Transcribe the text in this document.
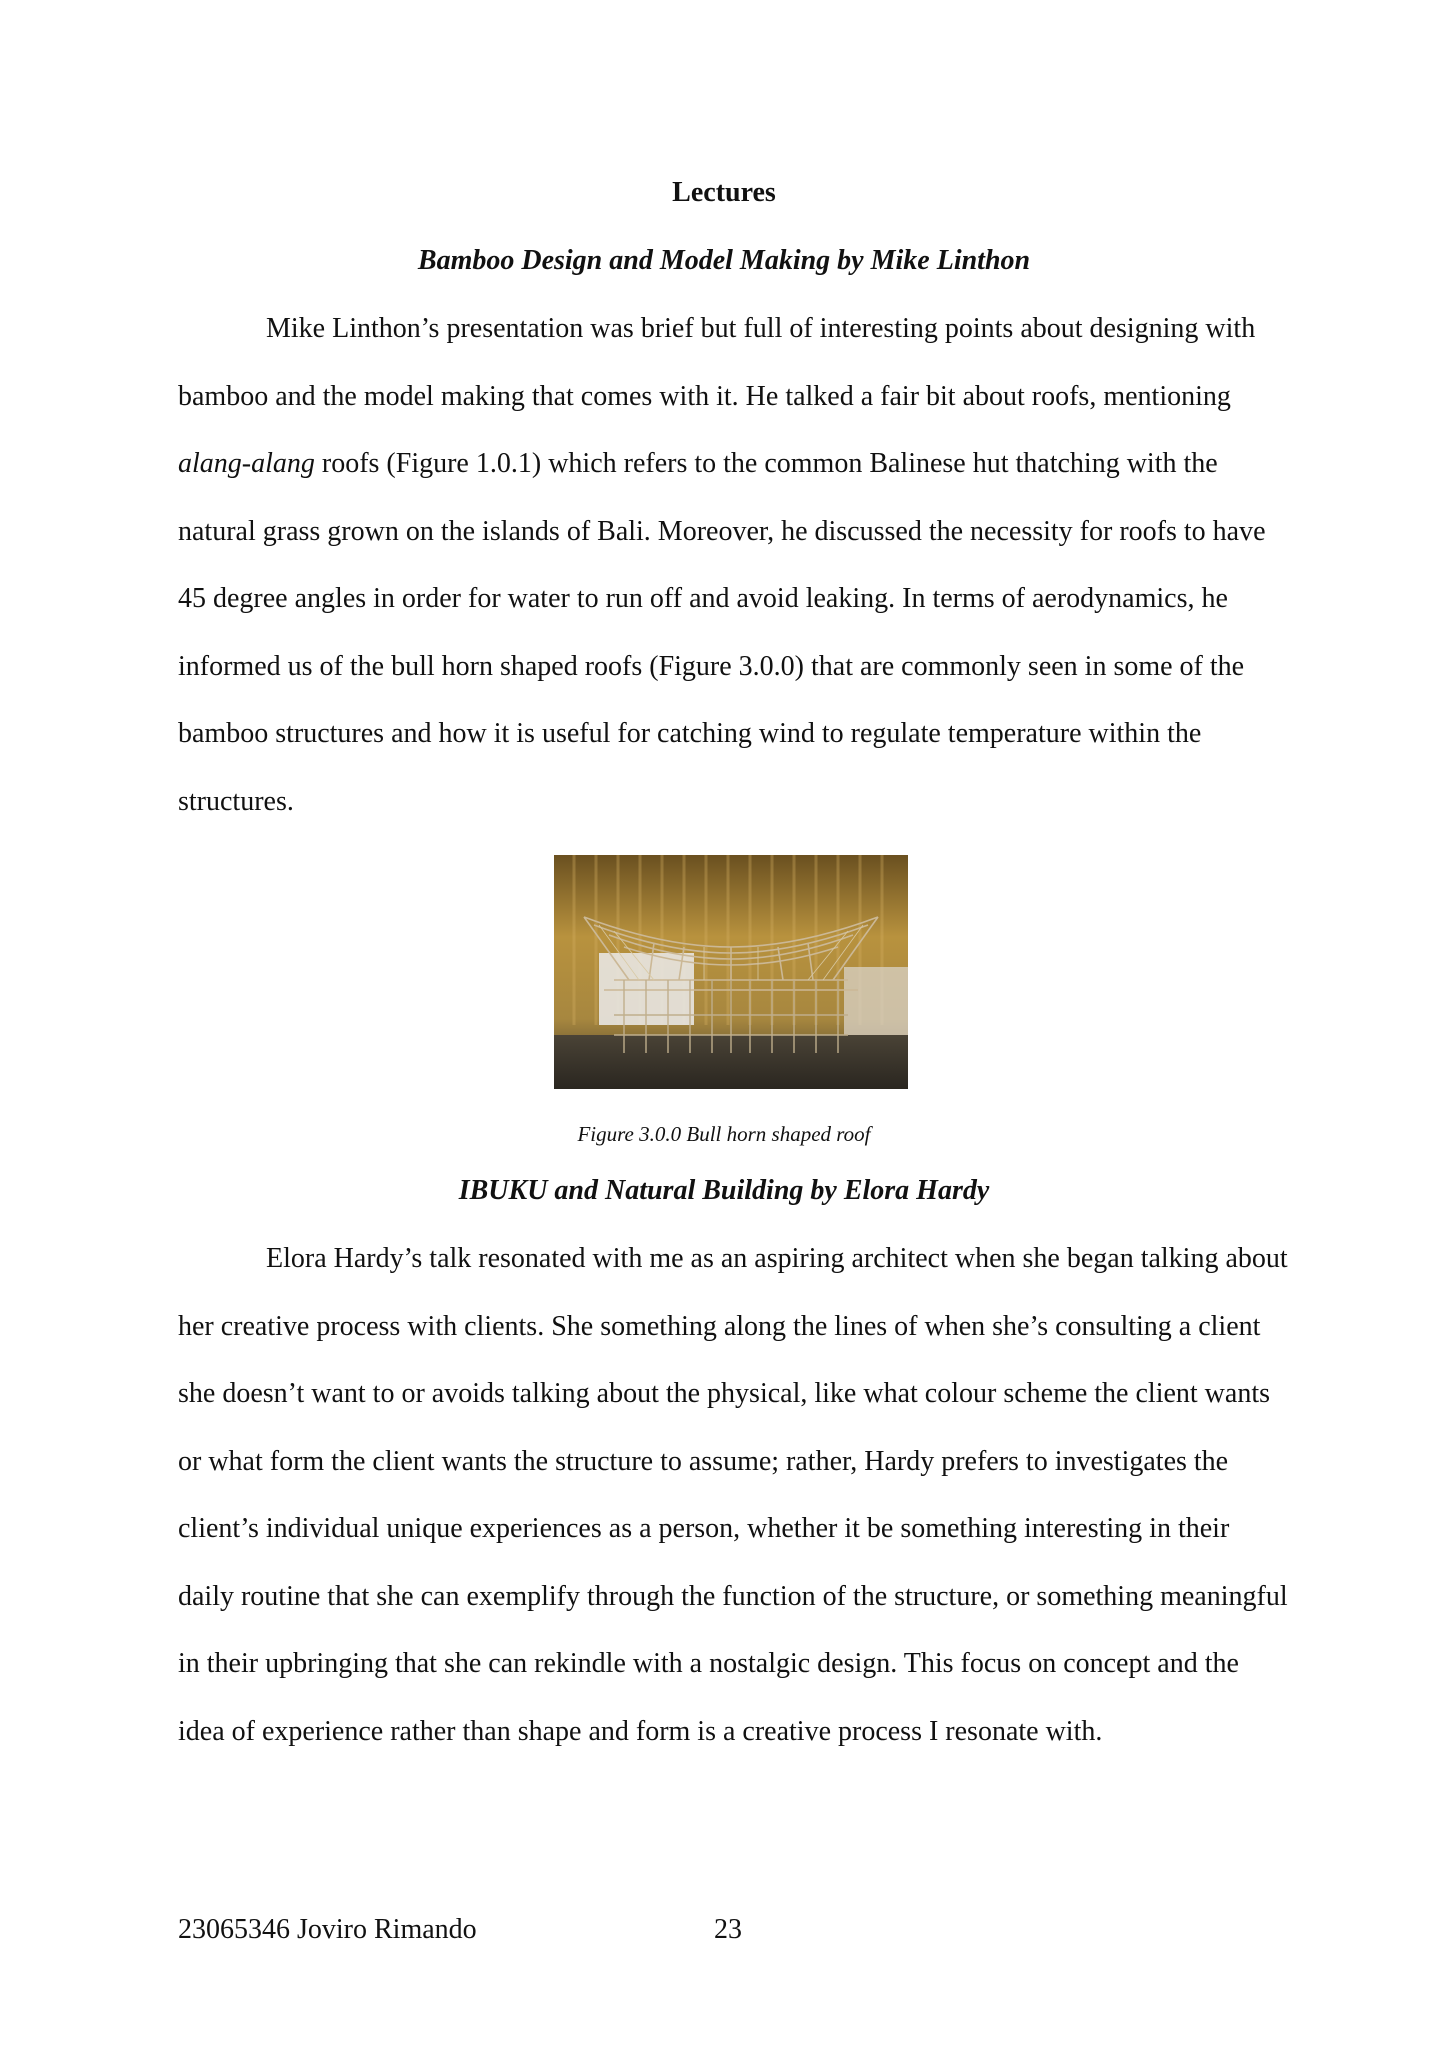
Lectures
Bamboo Design and Model Making by Mike Linthon

Mike Linthon’s presentation was brief but full of interesting points about designing with bamboo and the model making that comes with it. He talked a fair bit about roofs, mentioning alang-alang roofs (Figure 1.0.1) which refers to the common Balinese hut thatching with the natural grass grown on the islands of Bali. Moreover, he discussed the necessity for roofs to have 45 degree angles in order for water to run off and avoid leaking. In terms of aerodynamics, he informed us of the bull horn shaped roofs (Figure 3.0.0) that are commonly seen in some of the bamboo structures and how it is useful for catching wind to regulate temperature within the structures.

Figure 3.0.0 Bull horn shaped roof

IBUKU and Natural Building by Elora Hardy

Elora Hardy’s talk resonated with me as an aspiring architect when she began talking about her creative process with clients. She something along the lines of when she’s consulting a client she doesn’t want to or avoids talking about the physical, like what colour scheme the client wants or what form the client wants the structure to assume; rather, Hardy prefers to investigates the client’s individual unique experiences as a person, whether it be something interesting in their daily routine that she can exemplify through the function of the structure, or something meaningful in their upbringing that she can rekindle with a nostalgic design. This focus on concept and the idea of experience rather than shape and form is a creative process I resonate with.

23065346 Joviro Rimando	23
